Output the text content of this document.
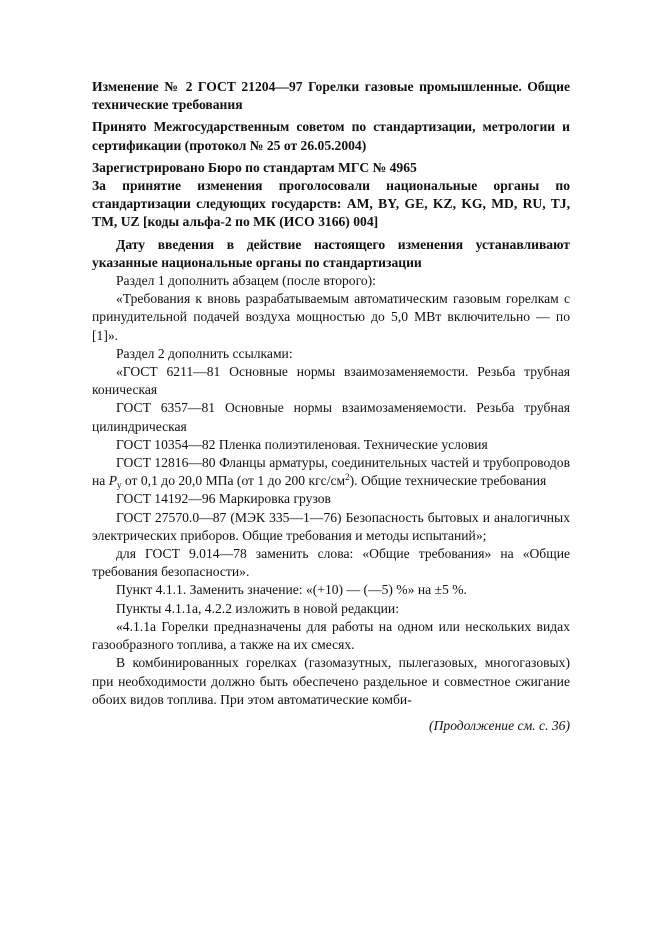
Изменение № 2 ГОСТ 21204—97 Горелки газовые промышленные. Общие технические требования

Принято Межгосударственным советом по стандартизации, метрологии и сертификации (протокол № 25 от 26.05.2004)

Зарегистрировано Бюро по стандартам МГС № 4965

За принятие изменения проголосовали национальные органы по стандартизации следующих государств: AM, BY, GE, KZ, KG, MD, RU, TJ, TM, UZ [коды альфа-2 по МК (ИСО 3166) 004]

Дату введения в действие настоящего изменения устанавливают указанные национальные органы по стандартизации

Раздел 1 дополнить абзацем (после второго):

«Требования к вновь разрабатываемым автоматическим газовым горелкам с принудительной подачей воздуха мощностью до 5,0 МВт включительно — по [1]».

Раздел 2 дополнить ссылками:

«ГОСТ 6211—81 Основные нормы взаимозаменяемости. Резьба трубная коническая

ГОСТ 6357—81 Основные нормы взаимозаменяемости. Резьба трубная цилиндрическая

ГОСТ 10354—82 Пленка полиэтиленовая. Технические условия

ГОСТ 12816—80 Фланцы арматуры, соединительных частей и трубопроводов на $P_у$ от 0,1 до 20,0 МПа (от 1 до 200 кгс/$см^2$). Общие технические требования

ГОСТ 14192—96 Маркировка грузов

ГОСТ 27570.0—87 (МЭК 335—1—76) Безопасность бытовых и аналогичных электрических приборов. Общие требования и методы испытаний»;

для ГОСТ 9.014—78 заменить слова: «Общие требования» на «Общие требования безопасности».

Пункт 4.1.1. Заменить значение: «(+10) — (—5) %» на ±5 %.

Пункты 4.1.1а, 4.2.2 изложить в новой редакции:

«4.1.1а Горелки предназначены для работы на одном или нескольких видах газообразного топлива, а также на их смесях.

В комбинированных горелках (газомазутных, пылегазовых, многогазовых) при необходимости должно быть обеспечено раздельное и совместное сжигание обоих видов топлива. При этом автоматические комби-

(Продолжение см. с. 36)
